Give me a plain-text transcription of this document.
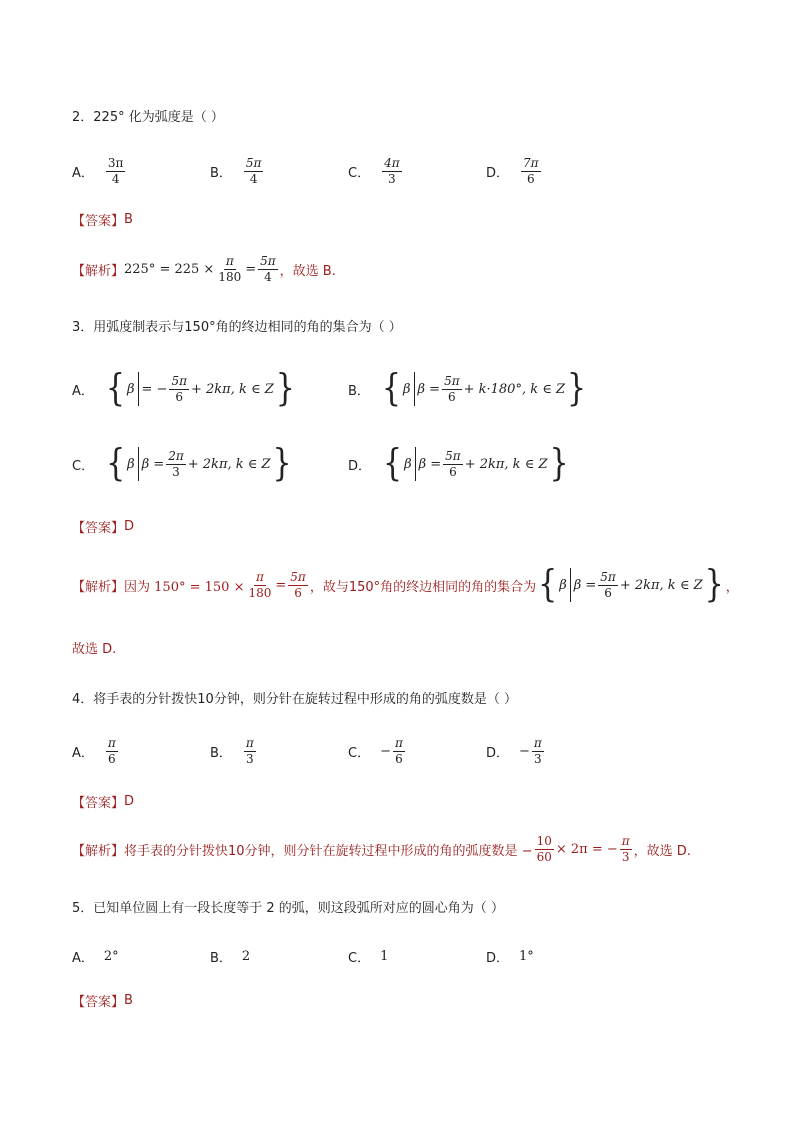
2．225° 化为弧度是（ ）
A． $\frac{3\pi}{4}$	B． $\frac{5\pi}{4}$	C． $\frac{4\pi}{3}$	D． $\frac{7\pi}{6}$
【答案】 B
【解析】 $225^\circ = 225 \times \frac{\pi}{180} = \frac{5\pi}{4}$ ，故选 B.
3．用弧度制表示与150°角的终边相同的角的集合为（ ）
A． { β = − $\frac{5\pi}{6} + 2k\pi$, k ∈ Z }	B． { β $\beta = \frac{5\pi}{6} + k\cdot 180^\circ$, k ∈ Z }
C． { β $\beta = \frac{2\pi}{3} + 2k\pi$, k ∈ Z }	D． { β $\beta = \frac{5\pi}{6} + 2k\pi$, k ∈ Z }
【答案】 D
【解析】 因为 $150^\circ = 150 \times \frac{\pi}{180} = \frac{5\pi}{6}$ ，故与150°角的终边相同的角的集合为 { β $\beta = \frac{5\pi}{6} + 2k\pi$, k ∈ Z } ，
故选 D.
4．将手表的分针拨快10分钟，则分针在旋转过程中形成的角的弧度数是（ ）
A． $\frac{\pi}{6}$	B． $\frac{\pi}{3}$	C． − $\frac{\pi}{6}$	D． − $\frac{\pi}{3}$
【答案】 D
【解析】 将手表的分针拨快10分钟，则分针在旋转过程中形成的角的弧度数是 − $\frac{10}{60} \times 2\pi$ = − $\frac{\pi}{3}$ ，故选 D.
5．已知单位圆上有一段长度等于 2 的弧，则这段弧所对应的圆心角为（ ）
A． 2°	B． 2	C． 1	D． 1°
【答案】 B
